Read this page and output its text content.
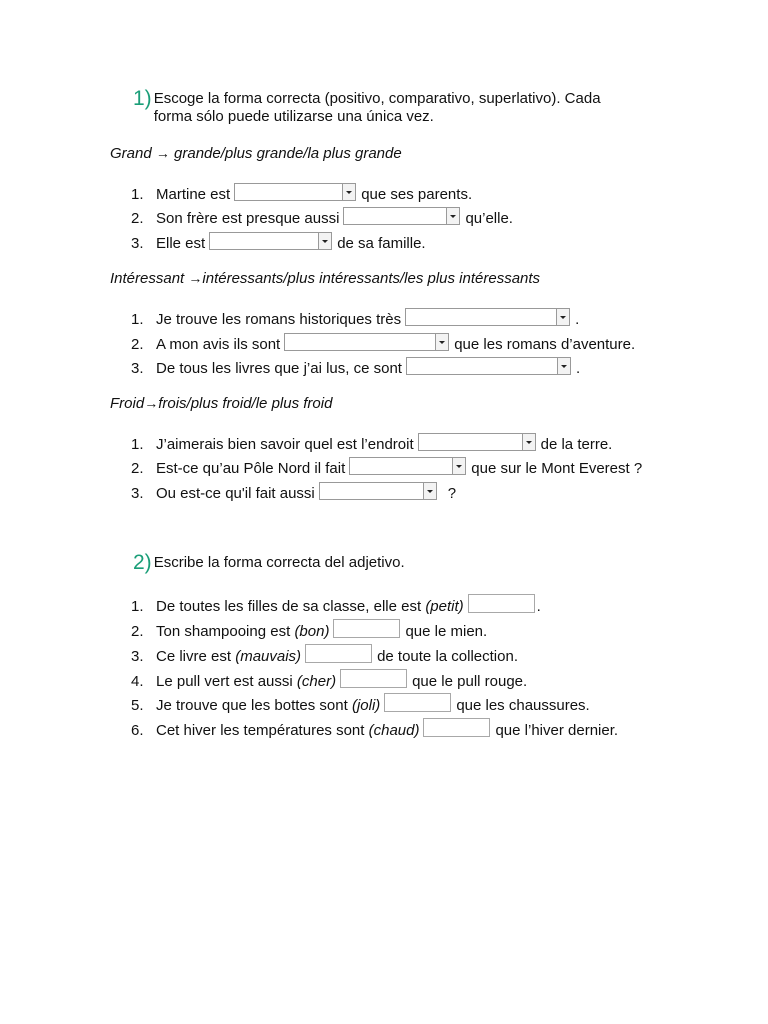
1) Escoge la forma correcta (positivo, comparativo, superlativo). Cada
forma sólo puede utilizarse una única vez.
Grand → grande/plus grande/la plus grande
1. Martine est	que ses parents.
2. Son frère est presque aussi	qu’elle.
3. Elle est	de sa famille.
Intéressant →intéressants/plus intéressants/les plus intéressants
1. Je trouve les romans historiques très	.
2. A mon avis ils sont	que les romans d’aventure.
3. De tous les livres que j’ai lus, ce sont	.
Froid→frois/plus froid/le plus froid
1. J’aimerais bien savoir quel est l’endroit	de la terre.
2. Est-ce qu’au Pôle Nord il fait	que sur le Mont Everest ?
3. Ou est-ce qu'il fait aussi	?
2) Escribe la forma correcta del adjetivo.
1. De toutes les filles de sa classe, elle est
(petit)	.
2. Ton shampooing est
(bon)	que le mien.
3. Ce livre est
(mauvais)	de toute la collection.
4. Le pull vert est aussi
(cher)	que le pull rouge.
5. Je trouve que les bottes sont
(joli)	que les chaussures.
6. Cet hiver les températures sont
(chaud)	que l’hiver dernier.
